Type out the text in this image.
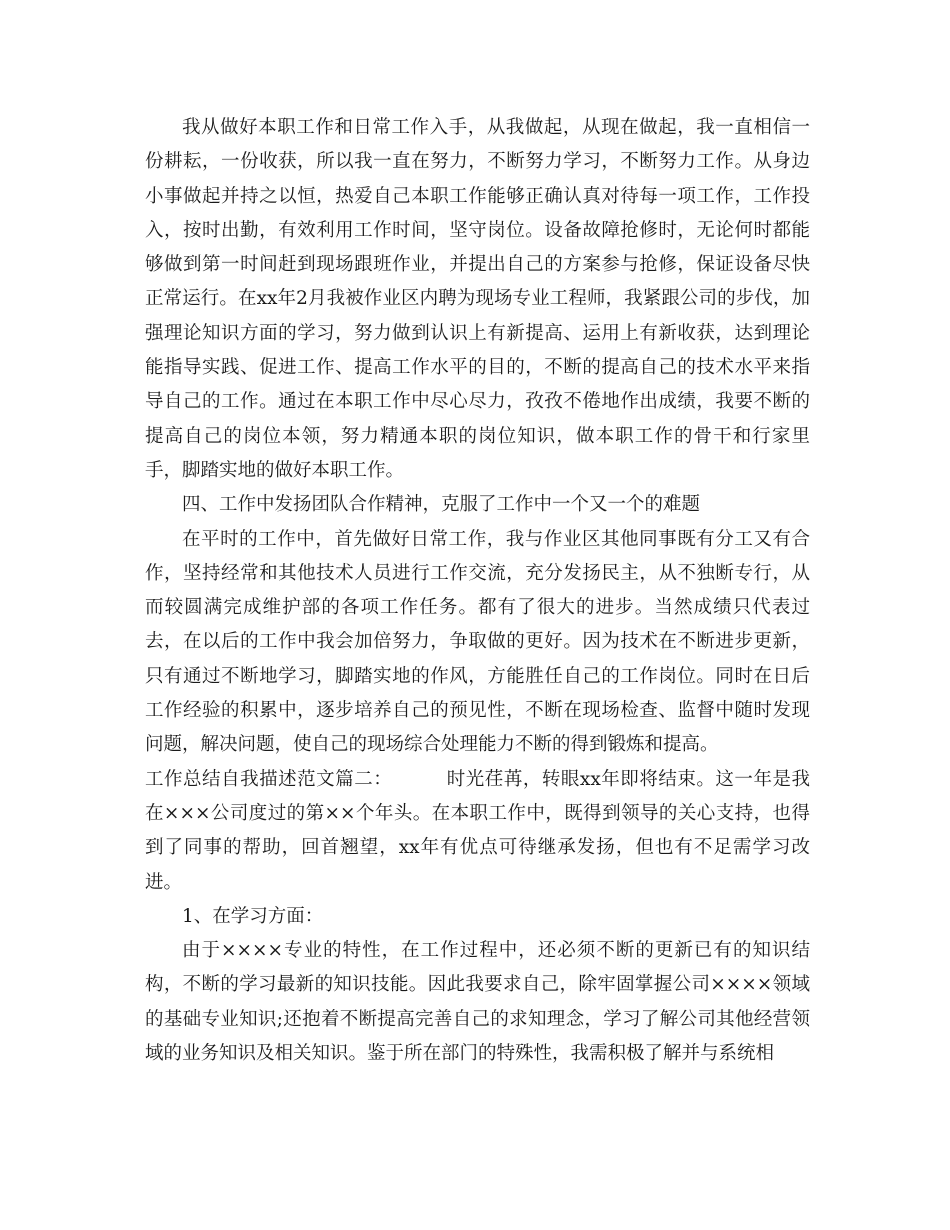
我从做好本职工作和日常工作入手，从我做起，从现在做起，我一直相信一份耕耘，一份收获，所以我一直在努力，不断努力学习，不断努力工作。从身边小事做起并持之以恒，热爱自己本职工作能够正确认真对待每一项工作，工作投入，按时出勤，有效利用工作时间，坚守岗位。设备故障抢修时，无论何时都能够做到第一时间赶到现场跟班作业，并提出自己的方案参与抢修，保证设备尽快正常运行。在xx年2月我被作业区内聘为现场专业工程师，我紧跟公司的步伐，加强理论知识方面的学习，努力做到认识上有新提高、运用上有新收获，达到理论能指导实践、促进工作、提高工作水平的目的，不断的提高自己的技术水平来指导自己的工作。通过在本职工作中尽心尽力，孜孜不倦地作出成绩，我要不断的提高自己的岗位本领，努力精通本职的岗位知识，做本职工作的骨干和行家里手，脚踏实地的做好本职工作。

四、工作中发扬团队合作精神，克服了工作中一个又一个的难题

在平时的工作中，首先做好日常工作，我与作业区其他同事既有分工又有合作，坚持经常和其他技术人员进行工作交流，充分发扬民主，从不独断专行，从而较圆满完成维护部的各项工作任务。都有了很大的进步。当然成绩只代表过去，在以后的工作中我会加倍努力，争取做的更好。因为技术在不断进步更新，只有通过不断地学习，脚踏实地的作风，方能胜任自己的工作岗位。同时在日后工作经验的积累中，逐步培养自己的预见性，不断在现场检查、监督中随时发现问题，解决问题，使自己的现场综合处理能力不断的得到锻炼和提高。

工作总结自我描述范文篇二：	时光荏苒，转眼xx年即将结束。这一年是我在×××公司度过的第××个年头。在本职工作中，既得到领导的关心支持，也得到了同事的帮助，回首翘望，xx年有优点可待继承发扬，但也有不足需学习改进。

1、在学习方面：

由于××××专业的特性，在工作过程中，还必须不断的更新已有的知识结构，不断的学习最新的知识技能。因此我要求自己，除牢固掌握公司××××领域的基础专业知识;还抱着不断提高完善自己的求知理念，学习了解公司其他经营领域的业务知识及相关知识。鉴于所在部门的特殊性，我需积极了解并与系统相
